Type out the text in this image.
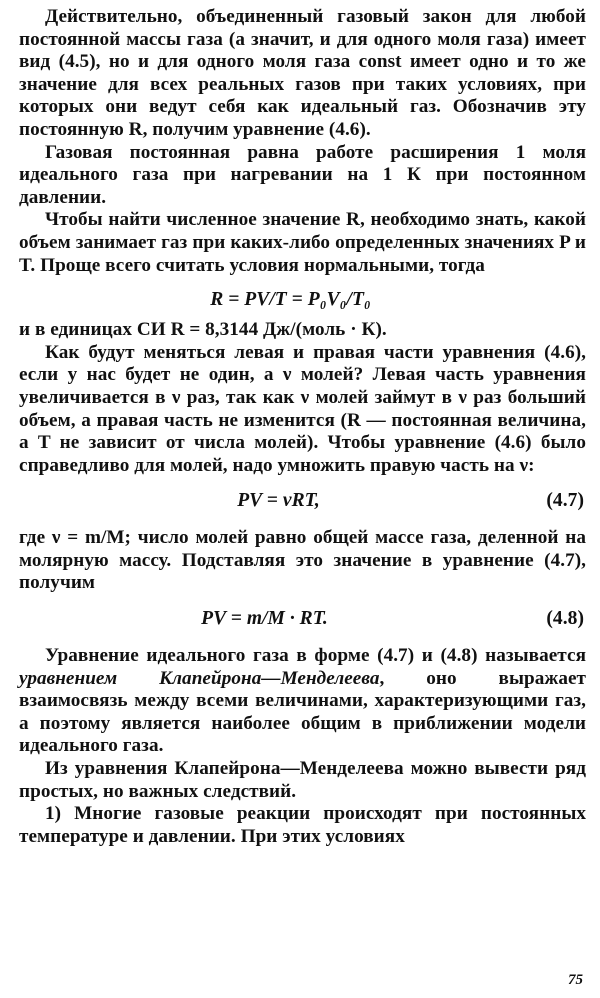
Действительно, объединенный газовый закон для любой постоянной массы газа (а значит, и для одного моля газа) имеет вид (4.5), но и для одного моля газа const имеет одно и то же значение для всех реальных газов при таких условиях, при которых они ведут себя как идеальный газ. Обозначив эту постоянную R, получим уравнение (4.6).

Газовая постоянная равна работе расширения 1 моля идеального газа при нагревании на 1 К при постоянном давлении.

Чтобы найти численное значение R, необходимо знать, какой объем занимает газ при каких-либо определенных значениях P и T. Проще всего считать условия нормальными, тогда

R = PV/T = P₀V₀/T₀

и в единицах СИ R = 8,3144 Дж/(моль · К).

Как будут меняться левая и правая части уравнения (4.6), если у нас будет не один, а ν молей? Левая часть уравнения увеличивается в ν раз, так как ν молей займут в ν раз больший объем, а правая часть не изменится (R — постоянная величина, а T не зависит от числа молей). Чтобы уравнение (4.6) было справедливо для молей, надо умножить правую часть на ν:

PV = νRT,	(4.7)

где ν = m/M; число молей равно общей массе газа, деленной на молярную массу. Подставляя это значение в уравнение (4.7), получим

PV = m/M · RT.	(4.8)

Уравнение идеального газа в форме (4.7) и (4.8) называется уравнением Клапейрона—Менделеева, оно выражает взаимосвязь между всеми величинами, характеризующими газ, а поэтому является наиболее общим в приближении модели идеального газа.

Из уравнения Клапейрона—Менделеева можно вывести ряд простых, но важных следствий.

1) Многие газовые реакции происходят при постоянных температуре и давлении. При этих условиях

75
